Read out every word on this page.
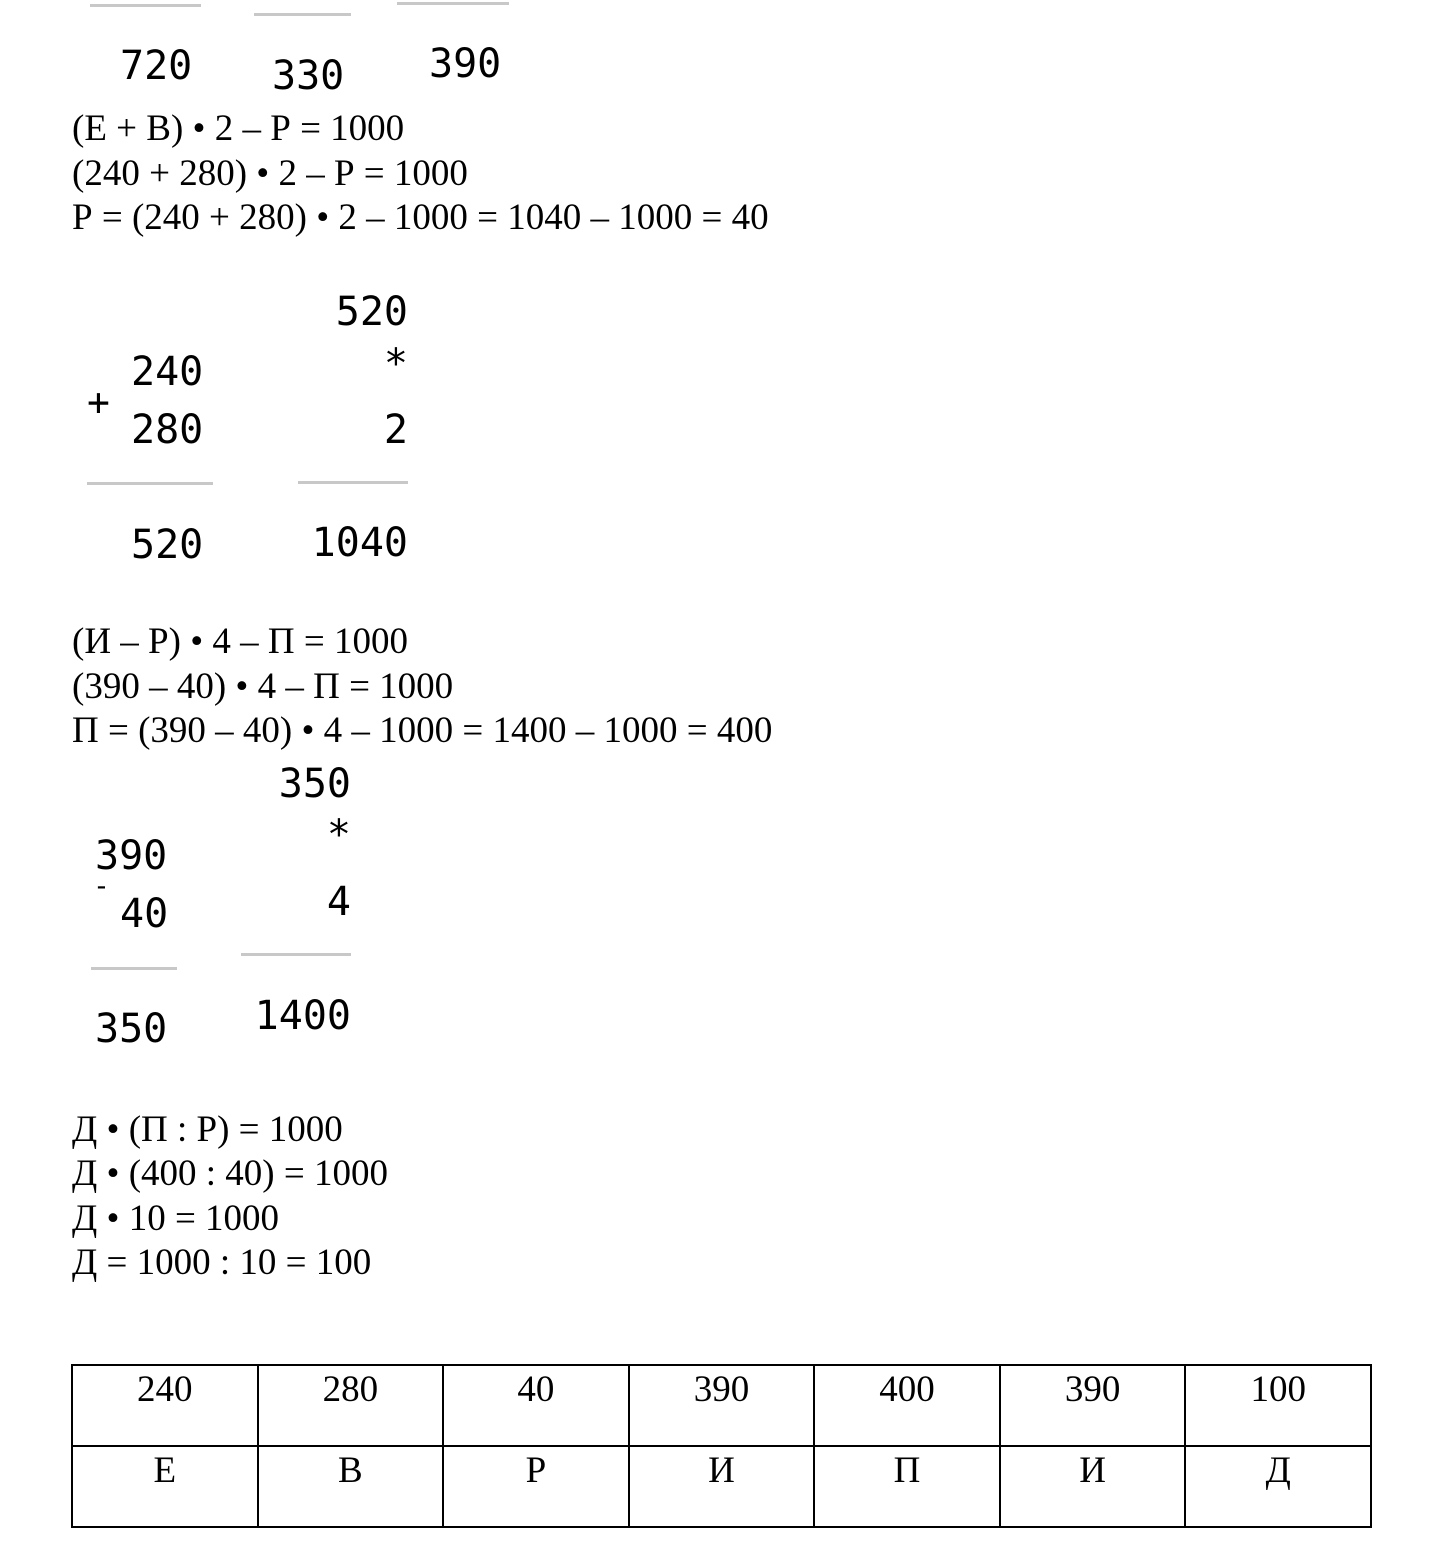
720 330 390
(Е + В) • 2 – Р = 1000
(240 + 280) • 2 – Р = 1000
Р = (240 + 280) • 2 – 1000 = 1040 – 1000 = 40
+
240
280
520
520
*
2
1040
(И – Р) • 4 – П = 1000
(390 – 40) • 4 – П = 1000
П = (390 – 40) • 4 – 1000 = 1400 – 1000 = 400
350
*
4
1400
390
-
40
350
Д • (П : Р) = 1000
Д • (400 : 40) = 1000
Д • 10 = 1000
Д = 1000 : 10 = 100
240	280	40	390	400	390	100
Е	В	Р	И	П	И	Д
